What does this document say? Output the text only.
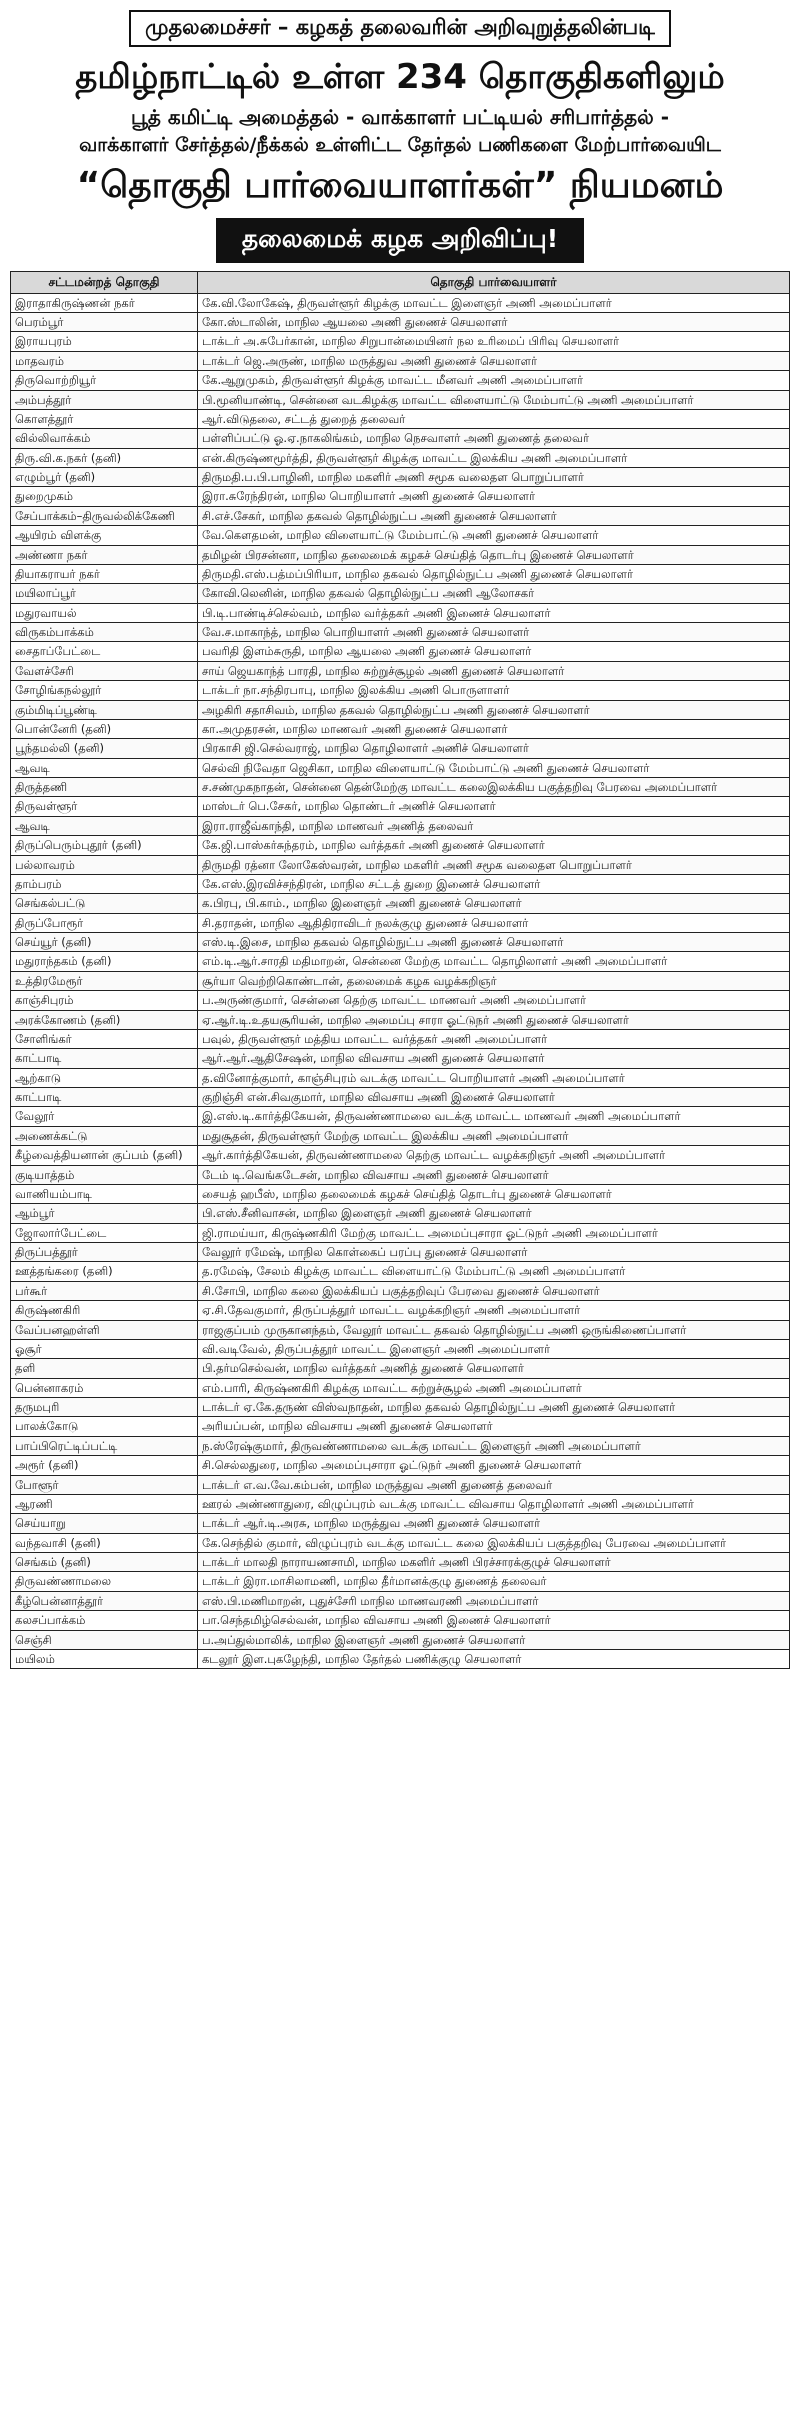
முதலமைச்சர் – கழகத் தலைவரின் அறிவுறுத்தலின்படி
தமிழ்நாட்டில் உள்ள 234 தொகுதிகளிலும்
பூத் கமிட்டி அமைத்தல் - வாக்காளர் பட்டியல் சரிபார்த்தல் -
வாக்காளர் சேர்த்தல்/நீக்கல் உள்ளிட்ட தேர்தல் பணிகளை மேற்பார்வையிட
“தொகுதி பார்வையாளர்கள்” நியமனம்
தலைமைக் கழக அறிவிப்பு!
சட்டமன்றத் தொகுதி	தொகுதி பார்வையாளர்
இராதாகிருஷ்ணன் நகர்	கே.வி.லோகேஷ், திருவள்ளூர் கிழக்கு மாவட்ட இளைஞர் அணி அமைப்பாளர்
பெரம்பூர்	கோ.ஸ்டாலின், மாநில ஆயலை அணி துணைச் செயலாளர்
இராயபுரம்	டாக்டர் அ.சுபேர்கான், மாநில சிறுபான்மையினர் நல உரிமைப் பிரிவு செயலாளர்
மாதவரம்	டாக்டர் ஜெ.அருண், மாநில மருத்துவ அணி துணைச் செயலாளர்
திருவொற்றியூர்	கே.ஆறுமுகம், திருவள்ளூர் கிழக்கு மாவட்ட மீனவர் அணி அமைப்பாளர்
அம்பத்தூர்	பி.மூனியாண்டி, சென்னை வடகிழக்கு மாவட்ட விளையாட்டு மேம்பாட்டு அணி அமைப்பாளர்
கொளத்தூர்	ஆர்.விடுதலை, சட்டத் துறைத் தலைவர்
வில்லிவாக்கம்	பள்ளிப்பட்டு ஓ.ஏ.நாகலிங்கம், மாநில நெசவாளர் அணி துணைத் தலைவர்
திரு.வி.க.நகர் (தனி)	என்.கிருஷ்ணமூர்த்தி, திருவள்ளூர் கிழக்கு மாவட்ட இலக்கிய அணி அமைப்பாளர்
எழும்பூர் (தனி)	திருமதி.ப.பி.பாழினி, மாநில மகளிர் அணி சமூக வலைதள பொறுப்பாளர்
துறைமுகம்	இரா.சுரேந்திரன், மாநில பொறியாளர் அணி துணைச் செயலாளர்
சேப்பாக்கம்–திருவல்லிக்கேணி	சி.எச்.சேகர், மாநில தகவல் தொழில்நுட்ப அணி துணைச் செயலாளர்
ஆயிரம் விளக்கு	வே.கௌதமன், மாநில விளையாட்டு மேம்பாட்டு அணி துணைச் செயலாளர்
அண்ணா நகர்	தமிழன் பிரசன்னா, மாநில தலைமைக் கழகச் செய்தித் தொடர்பு இணைச் செயலாளர்
தியாகராயர் நகர்	திருமதி.எஸ்.பத்மப்பிரியா, மாநில தகவல் தொழில்நுட்ப அணி துணைச் செயலாளர்
மயிலாப்பூர்	கோவி.லெனின், மாநில தகவல் தொழில்நுட்ப அணி ஆலோசகர்
மதுரவாயல்	பி.டி.பாண்டிச்செல்வம், மாநில வர்த்தகர் அணி இணைச் செயலாளர்
விருகம்பாக்கம்	வே.ச.மாகாந்த், மாநில பொறியாளர் அணி துணைச் செயலாளர்
சைதாப்பேட்டை	பவரிதி இளம்சுருதி, மாநில ஆயலை அணி துணைச் செயலாளர்
வேளச்சேரி	சாய் ஜெயகாந்த் பாரதி, மாநில சுற்றுச்சூழல் அணி துணைச் செயலாளர்
சோழிங்கநல்லூர்	டாக்டர் நா.சந்திரபாபு, மாநில இலக்கிய அணி பொருளாளர்
கும்மிடிப்பூண்டி	அழகிரி சதாசிவம், மாநில தகவல் தொழில்நுட்ப அணி துணைச் செயலாளர்
பொன்னேரி (தனி)	கா.அமுதரசன், மாநில மாணவர் அணி துணைச் செயலாளர்
பூந்தமல்லி (தனி)	பிரகாசி ஜி.செல்வராஜ், மாநில தொழிலாளர் அணிச் செயலாளர்
ஆவடி	செல்வி நிவேதா ஜெசிகா, மாநில விளையாட்டு மேம்பாட்டு அணி துணைச் செயலாளர்
திருத்தணி	ச.சண்முகநாதன், சென்னை தென்மேற்கு மாவட்ட கலைஇலக்கிய பகுத்தறிவு பேரவை அமைப்பாளர்
திருவள்ளூர்	மாஸ்டர் பெ.சேகர், மாநில தொண்டர் அணிச் செயலாளர்
ஆவடி	இரா.ராஜீவ்காந்தி, மாநில மாணவர் அணித் தலைவர்
திருப்பெரும்புதூர் (தனி)	கே.ஜி.பாஸ்கர்சுந்தரம், மாநில வர்த்தகர் அணி துணைச் செயலாளர்
பல்லாவரம்	திருமதி ரத்னா லோகேஸ்வரன், மாநில மகளிர் அணி சமூக வலைதள பொறுப்பாளர்
தாம்பரம்	கே.எஸ்.இரவிச்சந்திரன், மாநில சட்டத் துறை இணைச் செயலாளர்
செங்கல்பட்டு	க.பிரபு, பி.காம்., மாநில இளைஞர் அணி துணைச் செயலாளர்
திருப்போரூர்	சி.தராதன், மாநில ஆதிதிராவிடர் நலக்குழு துணைச் செயலாளர்
செய்யூர் (தனி)	எஸ்.டி.இசை, மாநில தகவல் தொழில்நுட்ப அணி துணைச் செயலாளர்
மதுராந்தகம் (தனி)	எம்.டி.ஆர்.சாரதி மதிமாறன், சென்னை மேற்கு மாவட்ட தொழிலாளர் அணி அமைப்பாளர்
உத்திரமேரூர்	சூர்யா வெற்றிகொண்டான், தலைமைக் கழக வழக்கறிஞர்
காஞ்சிபுரம்	ப.அருண்குமார், சென்னை தெற்கு மாவட்ட மாணவர் அணி அமைப்பாளர்
அரக்கோணம் (தனி)	ஏ.ஆர்.டி.உதயசூரியன், மாநில அமைப்பு சாரா ஓட்டுநர் அணி துணைச் செயலாளர்
சோளிங்கர்	பவுல், திருவள்ளூர் மத்திய மாவட்ட வர்த்தகர் அணி அமைப்பாளர்
காட்பாடி	ஆர்.ஆர்.ஆதிசேஷன், மாநில விவசாய அணி துணைச் செயலாளர்
ஆற்காடு	த.வினோத்குமார், காஞ்சிபுரம் வடக்கு மாவட்ட பொறியாளர் அணி அமைப்பாளர்
காட்பாடி	குறிஞ்சி என்.சிவகுமார், மாநில விவசாய அணி இணைச் செயலாளர்
வேலூர்	இ.எஸ்.டி.கார்த்திகேயன், திருவண்ணாமலை வடக்கு மாவட்ட மாணவர் அணி அமைப்பாளர்
அணைக்கட்டு	மதுசூதன், திருவள்ளூர் மேற்கு மாவட்ட இலக்கிய அணி அமைப்பாளர்
கீழ்வைத்தியனான் குப்பம் (தனி)	ஆர்.கார்த்திகேயன், திருவண்ணாமலை தெற்கு மாவட்ட வழக்கறிஞர் அணி அமைப்பாளர்
குடியாத்தம்	டேம் டி.வெங்கடேசன், மாநில விவசாய அணி துணைச் செயலாளர்
வாணியம்பாடி	சையத் ஹபீஸ், மாநில தலைமைக் கழகச் செய்தித் தொடர்பு துணைச் செயலாளர்
ஆம்பூர்	பி.எஸ்.சீனிவாசன், மாநில இளைஞர் அணி துணைச் செயலாளர்
ஜோலார்பேட்டை	ஜி.ராமய்யா, கிருஷ்ணகிரி மேற்கு மாவட்ட அமைப்புசாரா ஓட்டுநர் அணி அமைப்பாளர்
திருப்பத்தூர்	வேலூர் ரமேஷ், மாநில கொள்கைப் பரப்பு துணைச் செயலாளர்
ஊத்தங்கரை (தனி)	த.ரமேஷ், சேலம் கிழக்கு மாவட்ட விளையாட்டு மேம்பாட்டு அணி அமைப்பாளர்
பர்கூர்	சி.சோபி, மாநில கலை இலக்கியப் பகுத்தறிவுப் பேரவை துணைச் செயலாளர்
கிருஷ்ணகிரி	ஏ.சி.தேவகுமார், திருப்பத்தூர் மாவட்ட வழக்கறிஞர் அணி அமைப்பாளர்
வேப்பனஹள்ளி	ராஜகுப்பம் முருகானந்தம், வேலூர் மாவட்ட தகவல் தொழில்நுட்ப அணி ஒருங்கிணைப்பாளர்
ஓசூர்	வி.வடிவேல், திருப்பத்தூர் மாவட்ட இளைஞர் அணி அமைப்பாளர்
தளி	பி.தர்மசெல்வன், மாநில வர்த்தகர் அணித் துணைச் செயலாளர்
பென்னாகரம்	எம்.பாரி, கிருஷ்ணகிரி கிழக்கு மாவட்ட சுற்றுச்சூழல் அணி அமைப்பாளர்
தருமபுரி	டாக்டர் ஏ.கே.தருண் விஸ்வநாதன், மாநில தகவல் தொழில்நுட்ப அணி துணைச் செயலாளர்
பாலக்கோடு	அரியப்பன், மாநில விவசாய அணி துணைச் செயலாளர்
பாப்பிரெட்டிப்பட்டி	ந.ஸ்ரேஷ்குமார், திருவண்ணாமலை வடக்கு மாவட்ட இளைஞர் அணி அமைப்பாளர்
அரூர் (தனி)	சி.செல்லதுரை, மாநில அமைப்புசாரா ஓட்டுநர் அணி துணைச் செயலாளர்
போளூர்	டாக்டர் எ.வ.வே.கம்பன், மாநில மருத்துவ அணி துணைத் தலைவர்
ஆரணி	ஊரல் அண்ணாதுரை, விழுப்புரம் வடக்கு மாவட்ட விவசாய தொழிலாளர் அணி அமைப்பாளர்
செய்யாறு	டாக்டர் ஆர்.டி.அரசு, மாநில மருத்துவ அணி துணைச் செயலாளர்
வந்தவாசி (தனி)	கே.செந்தில் குமார், விழுப்புரம் வடக்கு மாவட்ட கலை இலக்கியப் பகுத்தறிவு பேரவை அமைப்பாளர்
செங்கம் (தனி)	டாக்டர் மாலதி நாராயணசாமி, மாநில மகளிர் அணி பிரச்சாரக்குழுச் செயலாளர்
திருவண்ணாமலை	டாக்டர் இரா.மாசிலாமணி, மாநில தீர்மானக்குழு துணைத் தலைவர்
கீழ்பென்னாத்தூர்	எஸ்.பி.மணிமாறன், புதுச்சேரி மாநில மாணவரணி அமைப்பாளர்
கலசப்பாக்கம்	பா.செந்தமிழ்செல்வன், மாநில விவசாய அணி இணைச் செயலாளர்
செஞ்சி	ப.அப்துல்மாலிக், மாநில இளைஞர் அணி துணைச் செயலாளர்
மயிலம்	கடலூர் இள.புகழேந்தி, மாநில தேர்தல் பணிக்குழு செயலாளர்
